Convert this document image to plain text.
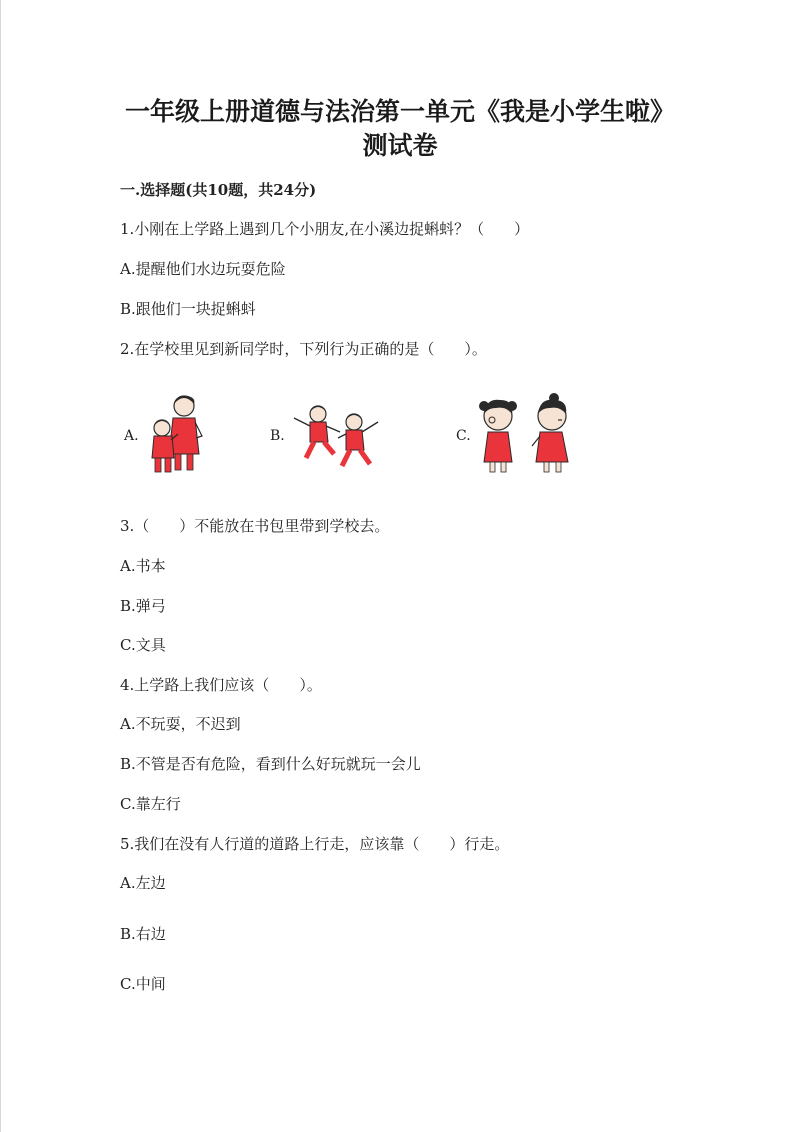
一年级上册道德与法治第一单元《我是小学生啦》
测试卷
一.选择题(共10题，共24分)
1.小刚在上学路上遇到几个小朋友,在小溪边捉蝌蚪？（　　）
A.提醒他们水边玩耍危险
B.跟他们一块捉蝌蚪
2.在学校里见到新同学时，下列行为正确的是（　　）。
A.	B.	C.
3.（　　）不能放在书包里带到学校去。
A.书本
B.弹弓
C.文具
4.上学路上我们应该（　　）。
A.不玩耍，不迟到
B.不管是否有危险，看到什么好玩就玩一会儿
C.靠左行
5.我们在没有人行道的道路上行走，应该靠（　　）行走。
A.左边
B.右边
C.中间
